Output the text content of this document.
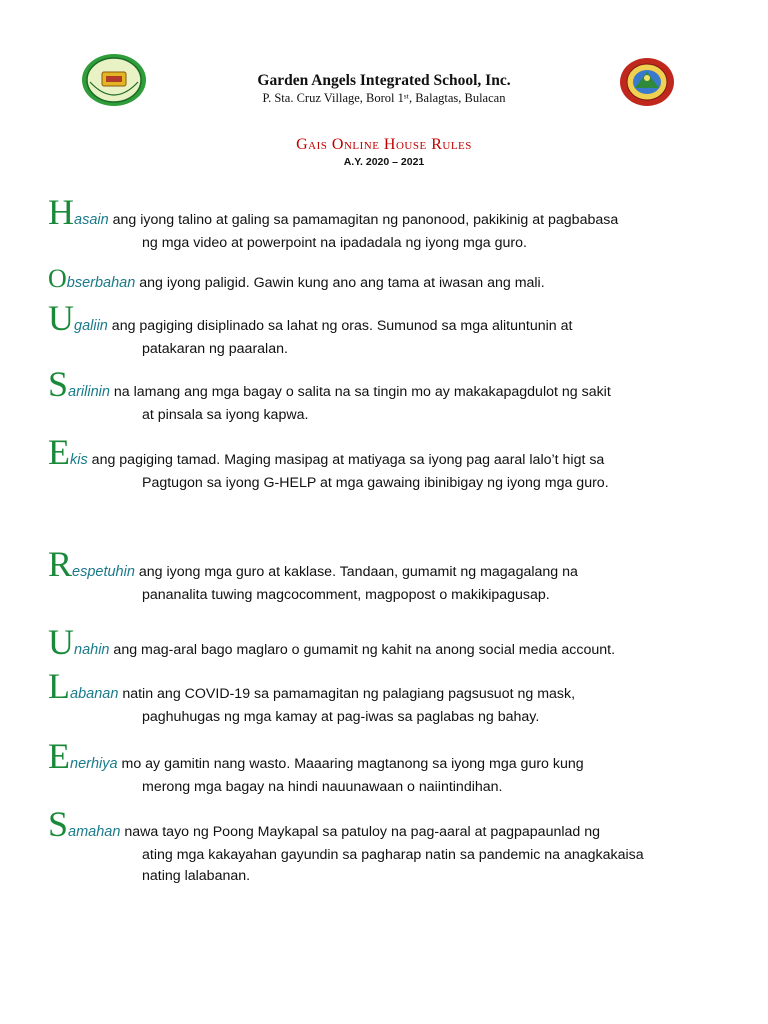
Garden Angels Integrated School, Inc.
P. Sta. Cruz Village, Borol 1ˢᵗ, Balagtas, Bulacan
Gais Online House Rules
A.Y. 2020 – 2021
Hasain ang iyong talino at galing sa pamamagitan ng panonood, pakikinig at pagbabasa
ng mga video at powerpoint na ipadadala ng iyong mga guro.
Obserbahan ang iyong paligid. Gawin kung ano ang tama at iwasan ang mali.
Ugaliin ang pagiging disiplinado sa lahat ng oras. Sumunod sa mga alituntunin at
patakaran ng paaralan.
Sarilinin na lamang ang mga bagay o salita na sa tingin mo ay makakapagdulot ng sakit
at pinsala sa iyong kapwa.
Ekis ang pagiging tamad. Maging masipag at matiyaga sa iyong pag aaral lalo’t higt sa
Pagtugon sa iyong G-HELP at mga gawaing ibinibigay ng iyong mga guro.
Respetuhin ang iyong mga guro at kaklase. Tandaan, gumamit ng magagalang na
pananalita tuwing magcocomment, magpopost o makikipagusap.
Unahin ang mag-aral bago maglaro o gumamit ng kahit na anong social media account.
Labanan natin ang COVID-19 sa pamamagitan ng palagiang pagsusuot ng mask,
paghuhugas ng mga kamay at pag-iwas sa paglabas ng bahay.
Enerhiya mo ay gamitin nang wasto. Maaaring magtanong sa iyong mga guro kung
merong mga bagay na hindi nauunawaan o naiintindihan.
Samahan nawa tayo ng Poong Maykapal sa patuloy na pag-aaral at pagpapaunlad ng
ating mga kakayahan gayundin sa pagharap natin sa pandemic na anagkakaisa
nating lalabanan.
